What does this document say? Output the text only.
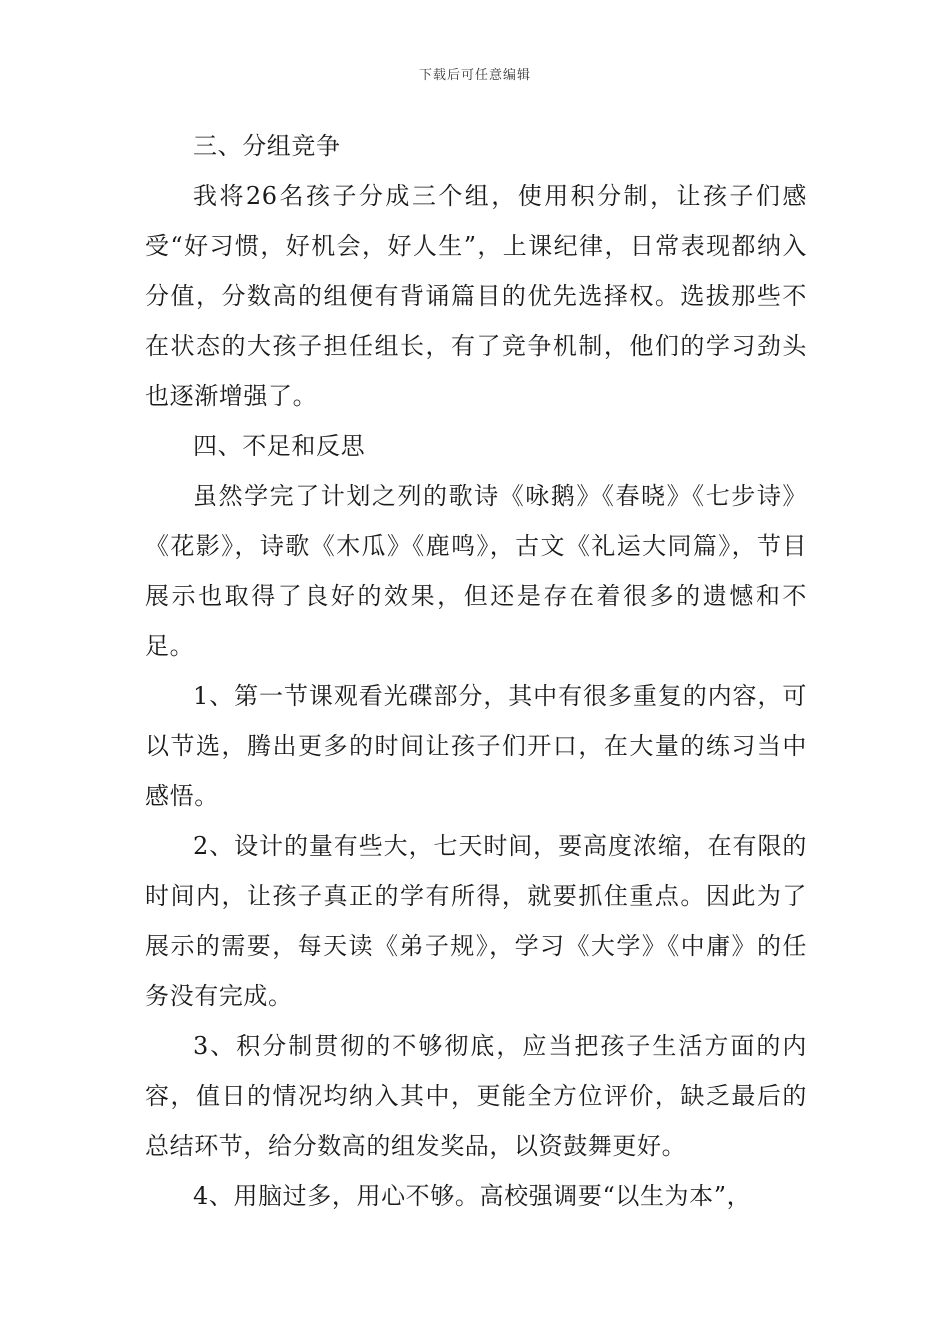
下载后可任意编辑

三、分组竞争

我将26名孩子分成三个组，使用积分制，让孩子们感受“好习惯，好机会，好人生”，上课纪律，日常表现都纳入分值，分数高的组便有背诵篇目的优先选择权。选拔那些不在状态的大孩子担任组长，有了竞争机制，他们的学习劲头也逐渐增强了。

四、不足和反思

虽然学完了计划之列的歌诗《咏鹅》《春晓》《七步诗》《花影》，诗歌《木瓜》《鹿鸣》，古文《礼运大同篇》，节目展示也取得了良好的效果，但还是存在着很多的遗憾和不足。

1、第一节课观看光碟部分，其中有很多重复的内容，可以节选，腾出更多的时间让孩子们开口，在大量的练习当中感悟。

2、设计的量有些大，七天时间，要高度浓缩，在有限的时间内，让孩子真正的学有所得，就要抓住重点。因此为了展示的需要，每天读《弟子规》，学习《大学》《中庸》的任务没有完成。

3、积分制贯彻的不够彻底，应当把孩子生活方面的内容，值日的情况均纳入其中，更能全方位评价，缺乏最后的总结环节，给分数高的组发奖品，以资鼓舞更好。

4、用脑过多，用心不够。高校强调要“以生为本”，
